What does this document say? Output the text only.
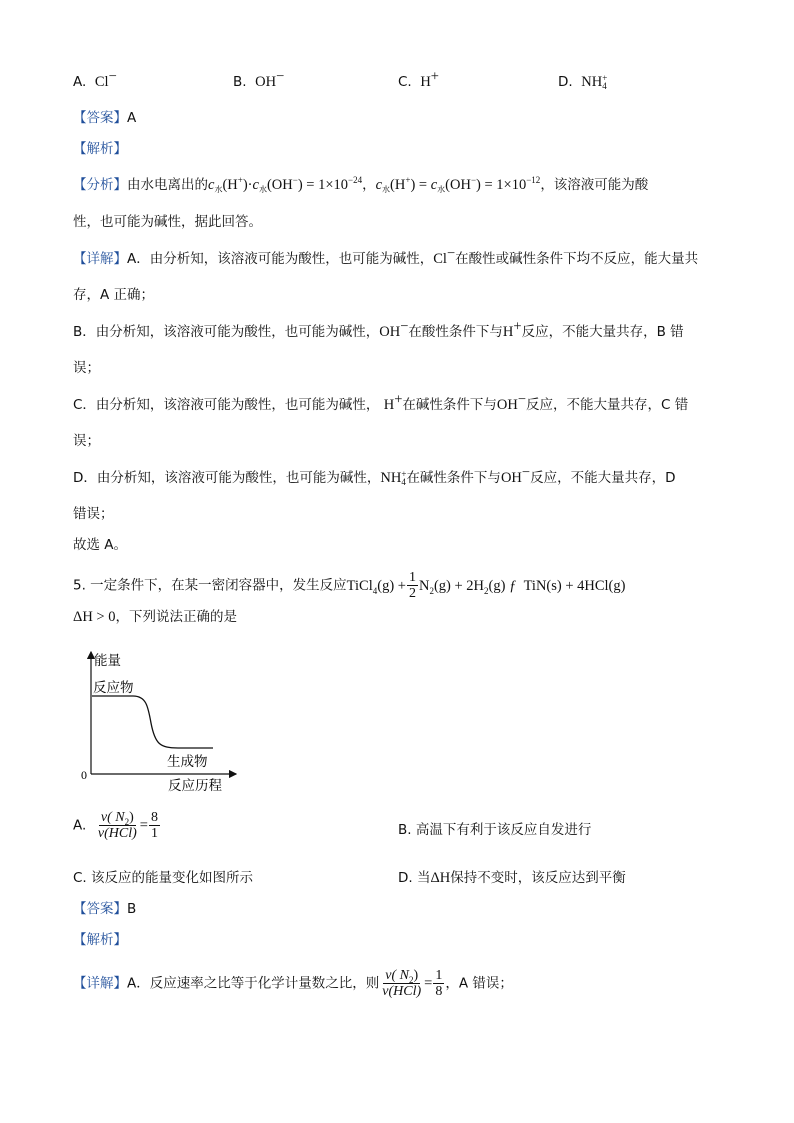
A. Cl−	B. OH−	C. H+	D. NH +
4
【答案】A
【解析】
【分析】由水电离出的$c_水(H^+)\cdot c_水(OH^-) = 1\times 10^{-24}$，$c_水(H^+) = c_水(OH^-) = 1\times 10^{-12}$，该溶液可能为酸
性，也可能为碱性，据此回答。
【详解】A．由分析知，该溶液可能为酸性，也可能为碱性，Cl−在酸性或碱性条件下均不反应，能大量共
存，A 正确；
B．由分析知，该溶液可能为酸性，也可能为碱性，OH−在酸性条件下与H+反应，不能大量共存，B 错
误；
C．由分析知，该溶液可能为酸性，也可能为碱性， H+在碱性条件下与OH−反应，不能大量共存，C 错
误；
D．由分析知，该溶液可能为酸性，也可能为碱性，NH +
4 在碱性条件下与OH−反应，不能大量共存，D
错误；
故选 A。
5. 一定条件下，在某一密闭容器中，发生反应TiCl$_4$(g) + $\frac{1}{2} N_2(g) + 2H_2(g)$ ƒ TiN(s) + 4HCl(g)
ΔH > 0，下列说法正确的是
能量
反应物
生成物
0
反应历程
A. $\frac{v( N_2)}{\text{v(HCl)}} = \frac{8}{1}$	B. 高温下有利于该反应自发进行
C. 该反应的能量变化如图所示	D. 当ΔH保持不变时，该反应达到平衡
【答案】B
【解析】
【详解】A．反应速率之比等于化学计量数之比，则 $\frac{v( N_2)}{\text{v(HCl)}} = \frac{1}{8}$ ，A 错误；
